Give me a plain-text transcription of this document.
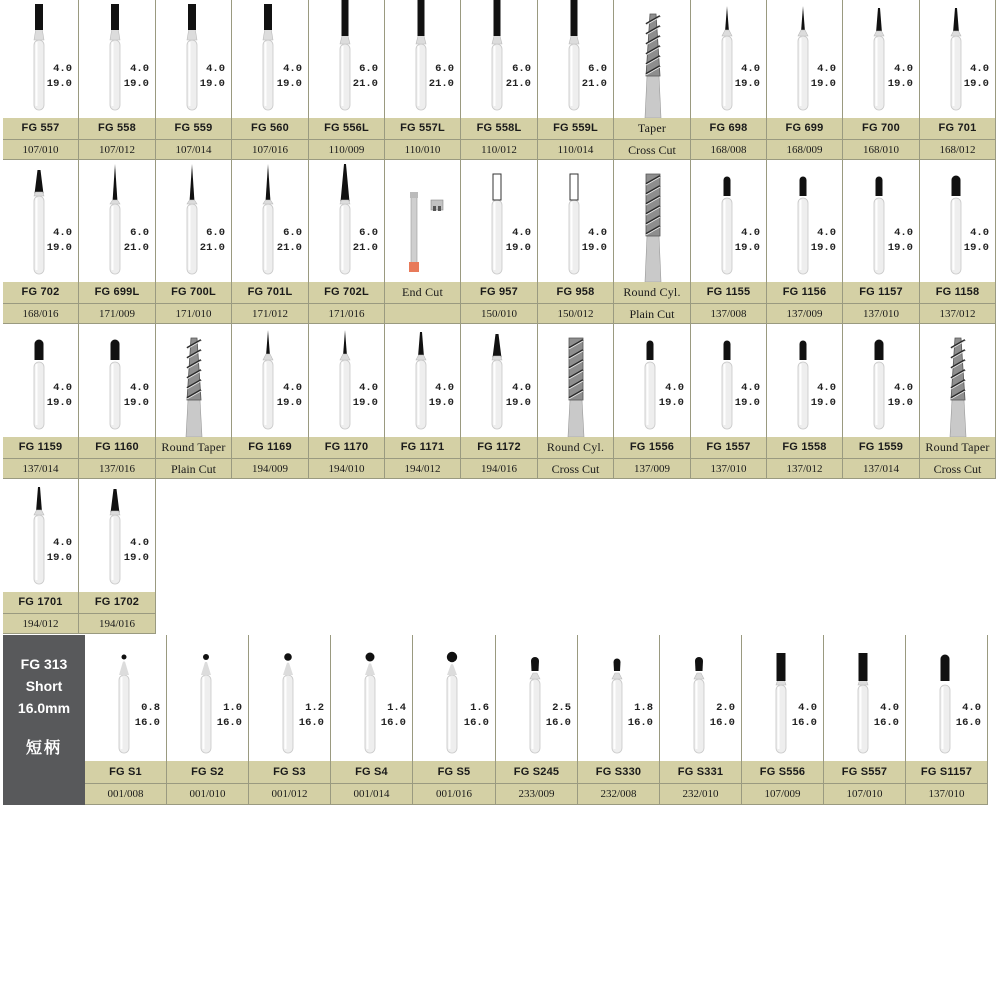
4.0
19.0
FG 557
107/010
4.0
19.0
FG 558
107/012
4.0
19.0
FG 559
107/014
4.0
19.0
FG 560
107/016
6.0
21.0
FG 556L
110/009
6.0
21.0
FG 557L
110/010
6.0
21.0
FG 558L
110/012
6.0
21.0
FG 559L
110/014
Taper
Cross Cut
4.0
19.0
FG 698
168/008
4.0
19.0
FG 699
168/009
4.0
19.0
FG 700
168/010
4.0
19.0
FG 701
168/012
4.0
19.0
FG 702
168/016
6.0
21.0
FG 699L
171/009
6.0
21.0
FG 700L
171/010
6.0
21.0
FG 701L
171/012
6.0
21.0
FG 702L
171/016
End Cut
4.0
19.0
FG 957
150/010
4.0
19.0
FG 958
150/012
Round Cyl.
Plain Cut
4.0
19.0
FG 1155
137/008
4.0
19.0
FG 1156
137/009
4.0
19.0
FG 1157
137/010
4.0
19.0
FG 1158
137/012
4.0
19.0
FG 1159
137/014
4.0
19.0
FG 1160
137/016
Round Taper
Plain Cut
4.0
19.0
FG 1169
194/009
4.0
19.0
FG 1170
194/010
4.0
19.0
FG 1171
194/012
4.0
19.0
FG 1172
194/016
Round Cyl.
Cross Cut
4.0
19.0
FG 1556
137/009
4.0
19.0
FG 1557
137/010
4.0
19.0
FG 1558
137/012
4.0
19.0
FG 1559
137/014
Round Taper
Cross Cut
4.0
19.0
FG 1701
194/012
4.0
19.0
FG 1702
194/016
0.8
16.0
FG S1
001/008
1.0
16.0
FG S2
001/010
1.2
16.0
FG S3
001/012
1.4
16.0
FG S4
001/014
1.6
16.0
FG S5
001/016
2.5
16.0
FG S245
233/009
1.8
16.0
FG S330
232/008
2.0
16.0
FG S331
232/010
4.0
16.0
FG S556
107/009
4.0
16.0
FG S557
107/010
4.0
16.0
FG S1157
137/010
FG 313
Short
16.0mm
短柄
